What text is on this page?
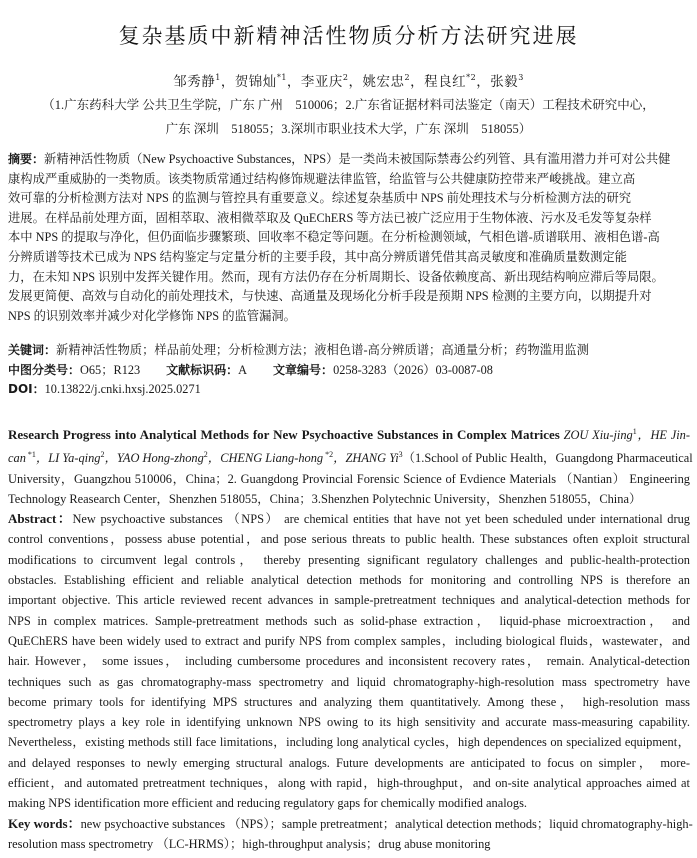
复杂基质中新精神活性物质分析方法研究进展
邹秀静$^1$，贺锦灿$^{*1}$，李亚庆$^2$，姚宏忠$^2$，程良红$^{*2}$，张毅$^3$
（1.广东药科大学 公共卫生学院，广东 广州　510006；2.广东省证据材料司法鉴定（南天）工程技术研究中心，
广东 深圳　518055；3.深圳市职业技术大学，广东 深圳　518055）
摘要：新精神活性物质（New Psychoactive Substances，NPS）是一类尚未被国际禁毒公约列管、具有滥用潜力并可对公共健
康构成严重威胁的一类物质。该类物质常通过结构修饰规避法律监管，给监管与公共健康防控带来严峻挑战。建立高
效可靠的分析检测方法对 NPS 的监测与管控具有重要意义。综述复杂基质中 NPS 前处理技术与分析检测方法的研究
进展。在样品前处理方面，固相萃取、液相微萃取及 QuEChERS 等方法已被广泛应用于生物体液、污水及毛发等复杂样
本中 NPS 的提取与净化，但仍面临步骤繁琐、回收率不稳定等问题。在分析检测领域，气相色谱-质谱联用、液相色谱-高
分辨质谱等技术已成为 NPS 结构鉴定与定量分析的主要手段，其中高分辨质谱凭借其高灵敏度和准确质量数测定能
力，在未知 NPS 识别中发挥关键作用。然而，现有方法仍存在分析周期长、设备依赖度高、新出现结构响应滞后等局限。
发展更简便、高效与自动化的前处理技术，与快速、高通量及现场化分析手段是预期 NPS 检测的主要方向，以期提升对
NPS 的识别效率并减少对化学修饰 NPS 的监管漏洞。
关键词：新精神活性物质；样品前处理；分析检测方法；液相色谱-高分辨质谱；高通量分析；药物滥用监测
中图分类号：O65；R123 文献标识码：A 文章编号：0258-3283（2026）03-0087-08
DOI：10.13822/j.cnki.hxsj.2025.0271
Research Progress into Analytical Methods for New Psychoactive Substances in Complex Matrices ZOU Xiu-jing$^1$，HE Jin-
can $^{*1}$，LI Ya-qing$^2$，YAO Hong-zhong$^2$，CHENG Liang-hong $^{*2}$，ZHANG Yi$^3$（1.School of Public Health，Guangdong Pharmaceutical
University，Guangzhou 510006，China；2. Guangdong Provincial Forensic Science of Evdience Materials （Nantian） Engineering
Technology Reasearch Center，Shenzhen 518055，China；3.Shenzhen Polytechnic University，Shenzhen 518055，China）
Abstract：New psychoactive substances （NPS） are chemical entities that have not yet been scheduled under international drug
control conventions，possess abuse potential，and pose serious threats to public health. These substances often exploit structural
modifications to circumvent legal controls， thereby presenting significant regulatory challenges and public-health-protection
obstacles. Establishing efficient and reliable analytical detection methods for monitoring and controlling NPS is therefore an
important objective. This article reviewed recent advances in sample-pretreatment techniques and analytical-detection methods for
NPS in complex matrices. Sample-pretreatment methods such as solid-phase extraction， liquid-phase microextraction， and
QuEChERS have been widely used to extract and purify NPS from complex samples，including biological fluids，wastewater，and
hair. However， some issues， including cumbersome procedures and inconsistent recovery rates， remain. Analytical-detection
techniques such as gas chromatography-mass spectrometry and liquid chromatography-high-resolution mass spectrometry have
become primary tools for identifying MPS structures and analyzing them quantitatively. Among these， high-resolution mass
spectrometry plays a key role in identifying unknown NPS owing to its high sensitivity and accurate mass-measuring capability.
Nevertheless，existing methods still face limitations，including long analytical cycles，high dependences on specialized equipment，
and delayed responses to newly emerging structural analogs. Future developments are anticipated to focus on simpler， more-
efficient，and automated pretreatment techniques，along with rapid，high-throughput，and on-site analytical approaches aimed at
making NPS identification more efficient and reducing regulatory gaps for chemically modified analogs.
Key words：new psychoactive substances （NPS）；sample pretreatment；analytical detection methods；liquid chromatography-high-
resolution mass spectrometry （LC-HRMS）；high-throughput analysis；drug abuse monitoring
